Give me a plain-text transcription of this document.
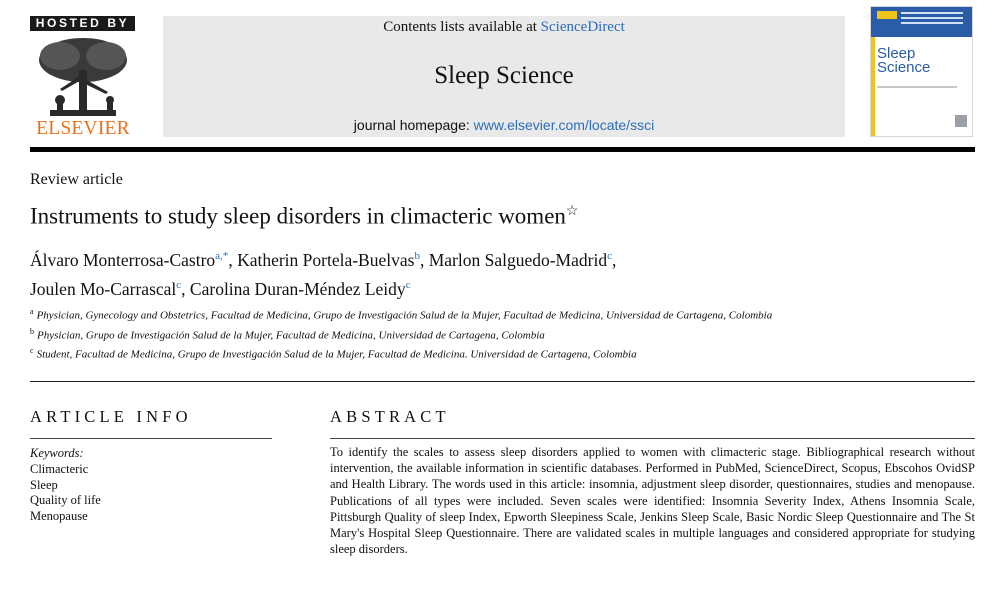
HOSTED BY
ELSEVIER
Contents lists available at ScienceDirect
Sleep Science
journal homepage: www.elsevier.com/locate/ssci
Sleep
Science
Review article
Instruments to study sleep disorders in climacteric women☆
Álvaro Monterrosa-Castro$^{a,*}$, Katherin Portela-Buelvas$^b$, Marlon Salguedo-Madrid$^c$,
Joulen Mo-Carrascal$^c$, Carolina Duran-Méndez Leidy$^c$
$^a$ Physician, Gynecology and Obstetrics, Facultad de Medicina, Grupo de Investigación Salud de la Mujer, Facultad de Medicina, Universidad de Cartagena, Colombia
$^b$ Physician, Grupo de Investigación Salud de la Mujer, Facultad de Medicina, Universidad de Cartagena, Colombia
$^c$ Student, Facultad de Medicina, Grupo de Investigación Salud de la Mujer, Facultad de Medicina. Universidad de Cartagena, Colombia
ARTICLE INFO	ABSTRACT
Keywords:
Climacteric
Sleep
Quality of life
Menopause
To identify the scales to assess sleep disorders applied to women with climacteric stage. Bibliographical research without intervention, the available information in scientific databases. Performed in PubMed, ScienceDirect, Scopus, Ebscohos OvidSP and Health Library. The words used in this article: insomnia, adjustment sleep disorder, questionnaires, studies and menopause. Publications of all types were included. Seven scales were identified: Insomnia Severity Index, Athens Insomnia Scale, Pittsburgh Quality of sleep Index, Epworth Sleepiness Scale, Jenkins Sleep Scale, Basic Nordic Sleep Questionnaire and The St Mary's Hospital Sleep Questionnaire. There are validated scales in multiple languages and considered appropriate for studying sleep disorders.
